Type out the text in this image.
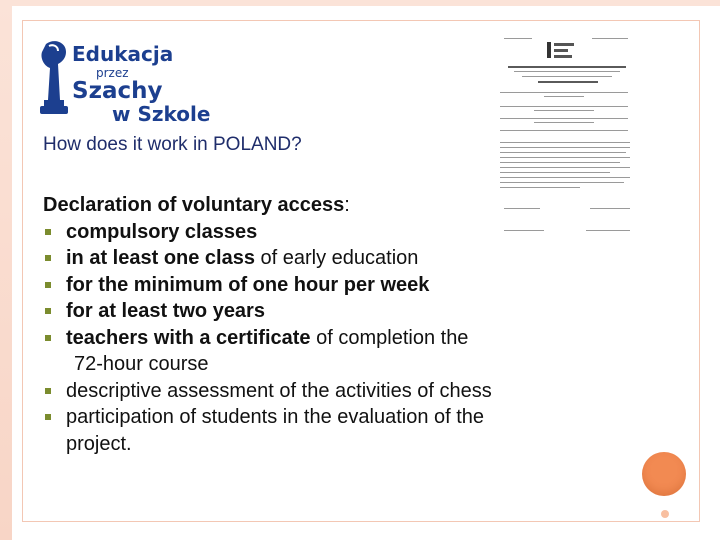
Edukacja
przez
Szachy
w Szkole
How does it work in POLAND?
Declaration of voluntary access:
compulsory classes
in at least one class of early education
for the minimum of one hour per week
for at least two years
teachers with a certificate of completion the
72-hour course
descriptive assessment of the activities of chess
participation of students in the evaluation of the
project.
